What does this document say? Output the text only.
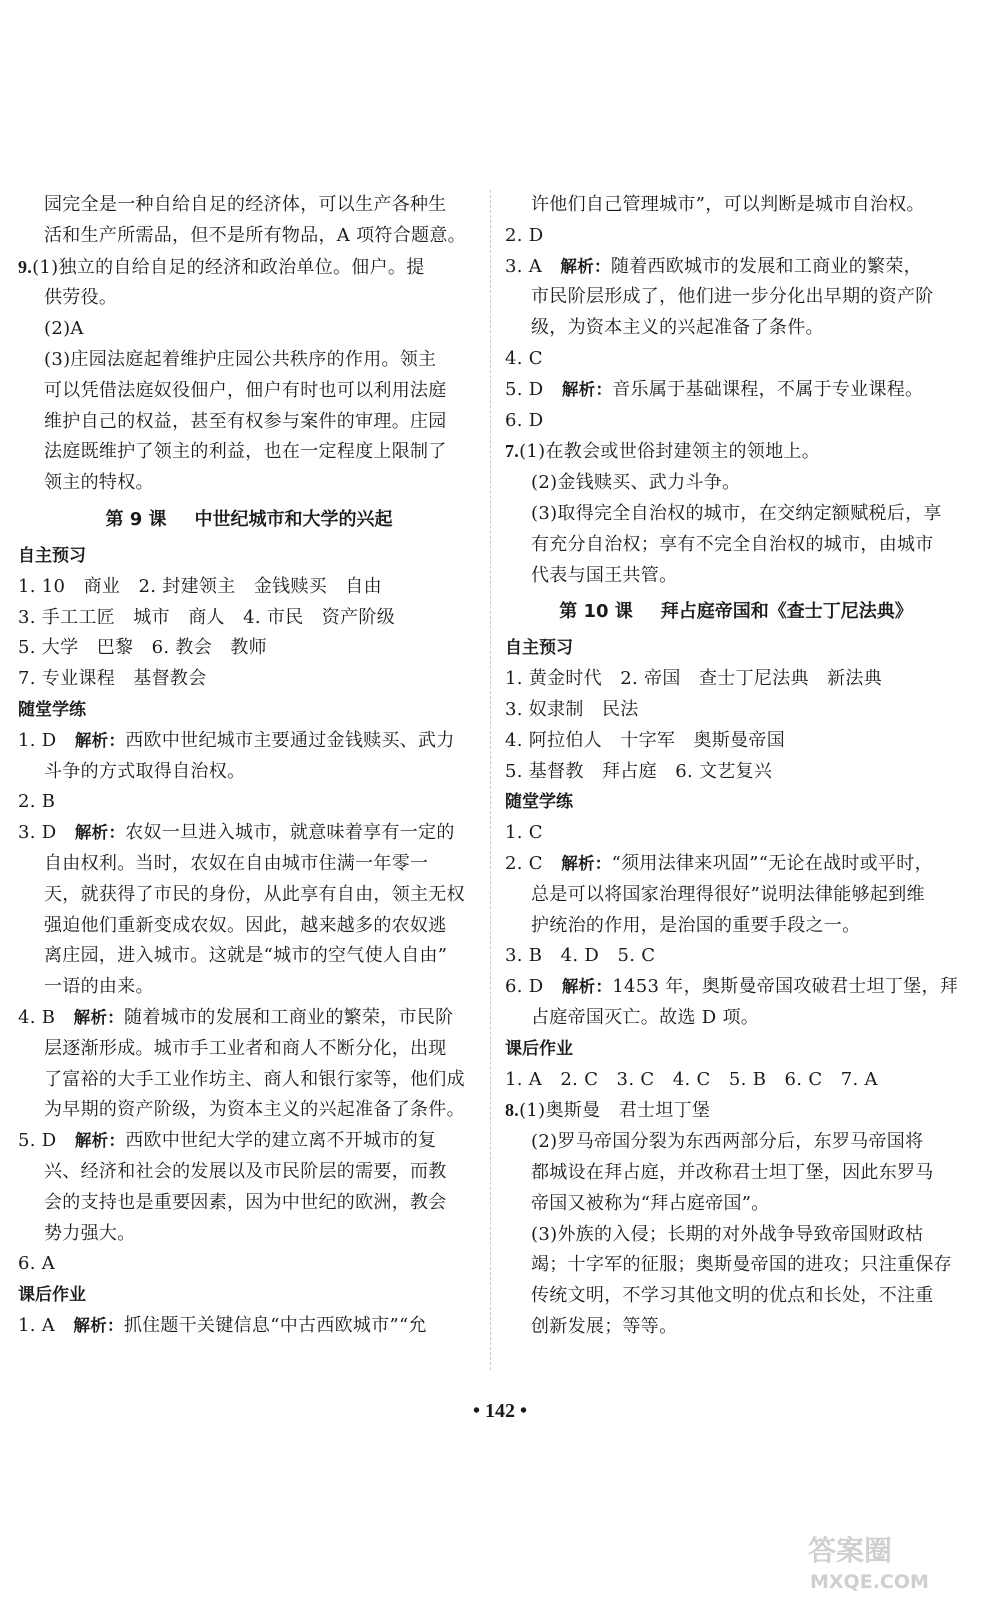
园完全是一种自给自足的经济体，可以生产各种生
活和生产所需品，但不是所有物品，A 项符合题意。
9.(1)独立的自给自足的经济和政治单位。佃户。提
供劳役。
(2)A
(3)庄园法庭起着维护庄园公共秩序的作用。领主
可以凭借法庭奴役佃户，佃户有时也可以利用法庭
维护自己的权益，甚至有权参与案件的审理。庄园
法庭既维护了领主的利益，也在一定程度上限制了
领主的特权。
第 9 课 中世纪城市和大学的兴起
自主预习
1. 10　商业　2. 封建领主　金钱赎买　自由
3. 手工工匠　城市　商人　4. 市民　资产阶级
5. 大学　巴黎　6. 教会　教师
7. 专业课程　基督教会
随堂学练
1. D　 解析：西欧中世纪城市主要通过金钱赎买、武力
斗争的方式取得自治权。
2. B
3. D　 解析：农奴一旦进入城市，就意味着享有一定的
自由权利。当时，农奴在自由城市住满一年零一
天，就获得了市民的身份，从此享有自由，领主无权
强迫他们重新变成农奴。因此，越来越多的农奴逃
离庄园，进入城市。这就是“城市的空气使人自由”
一语的由来。
4. B　 解析：随着城市的发展和工商业的繁荣，市民阶
层逐渐形成。城市手工业者和商人不断分化，出现
了富裕的大手工业作坊主、商人和银行家等，他们成
为早期的资产阶级，为资本主义的兴起准备了条件。
5. D　 解析：西欧中世纪大学的建立离不开城市的复
兴、经济和社会的发展以及市民阶层的需要，而教
会的支持也是重要因素，因为中世纪的欧洲，教会
势力强大。
6. A
课后作业
1. A　 解析：抓住题干关键信息“中古西欧城市”“允
许他们自己管理城市”，可以判断是城市自治权。
2. D
3. A　 解析：随着西欧城市的发展和工商业的繁荣，
市民阶层形成了，他们进一步分化出早期的资产阶
级，为资本主义的兴起准备了条件。
4. C
5. D　 解析：音乐属于基础课程，不属于专业课程。
6. D
7.(1)在教会或世俗封建领主的领地上。
(2)金钱赎买、武力斗争。
(3)取得完全自治权的城市，在交纳定额赋税后，享
有充分自治权；享有不完全自治权的城市，由城市
代表与国王共管。
第 10 课 拜占庭帝国和《查士丁尼法典》
自主预习
1. 黄金时代　2. 帝国　查士丁尼法典　新法典
3. 奴隶制　民法
4. 阿拉伯人　十字军　奥斯曼帝国
5. 基督教　拜占庭　6. 文艺复兴
随堂学练
1. C
2. C　 解析：“须用法律来巩固”“无论在战时或平时，
总是可以将国家治理得很好”说明法律能够起到维
护统治的作用，是治国的重要手段之一。
3. B　4. D　5. C
6. D　 解析：1453 年，奥斯曼帝国攻破君士坦丁堡，拜
占庭帝国灭亡。故选 D 项。
课后作业
1. A　2. C　3. C　4. C　5. B　6. C　7. A
8.(1)奥斯曼　君士坦丁堡
(2)罗马帝国分裂为东西两部分后，东罗马帝国将
都城设在拜占庭，并改称君士坦丁堡，因此东罗马
帝国又被称为“拜占庭帝国”。
(3)外族的入侵；长期的对外战争导致帝国财政枯
竭；十字军的征服；奥斯曼帝国的进攻；只注重保存
传统文明，不学习其他文明的优点和长处，不注重
创新发展；等等。
• 142 •
答案圈
MXQE.COM
